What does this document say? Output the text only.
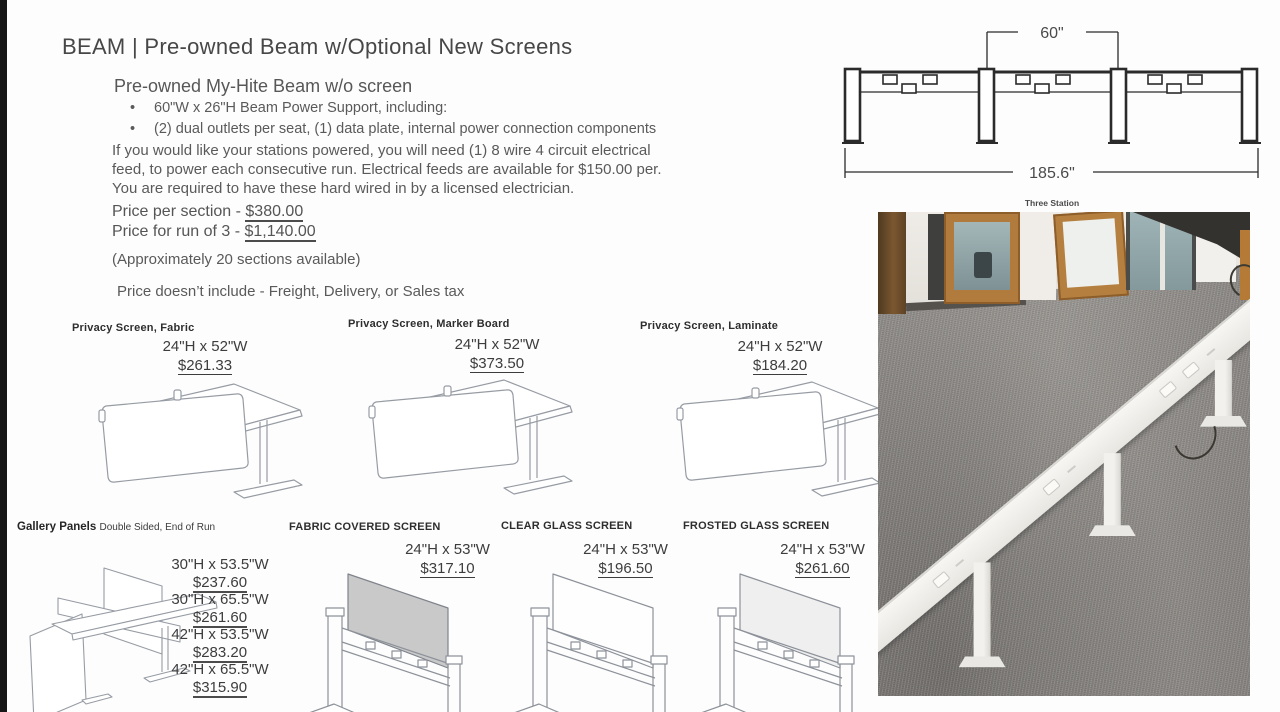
BEAM | Pre-owned Beam w/Optional New Screens
Pre-owned My-Hite Beam w/o screen
• 60"W x 26"H Beam Power Support, including:
• (2) dual outlets per seat, (1) data plate, internal power connection components
If you would like your stations powered, you will need (1) 8 wire 4 circuit electrical
feed, to power each consecutive run. Electrical feeds are available for $150.00 per.
You are required to have these hard wired in by a licensed electrician.
Price per section - $380.00
Price for run of 3 - $1,140.00
(Approximately 20 sections available)
Price doesn’t include - Freight, Delivery, or Sales tax
60"
185.6"
Three Station
Privacy Screen, Fabric
24"H x 52"W
$261.33
Privacy Screen, Marker Board
24"H x 52"W
$373.50
Privacy Screen, Laminate
24"H x 52"W
$184.20
Gallery Panels Double Sided, End of Run
30"H x 53.5"W
$237.60
30"H x 65.5"W
$261.60
42"H x 53.5"W
$283.20
42"H x 65.5"W
$315.90
FABRIC COVERED SCREEN
24"H x 53"W
$317.10
CLEAR GLASS SCREEN
24"H x 53"W
$196.50
FROSTED GLASS SCREEN
24"H x 53"W
$261.60
